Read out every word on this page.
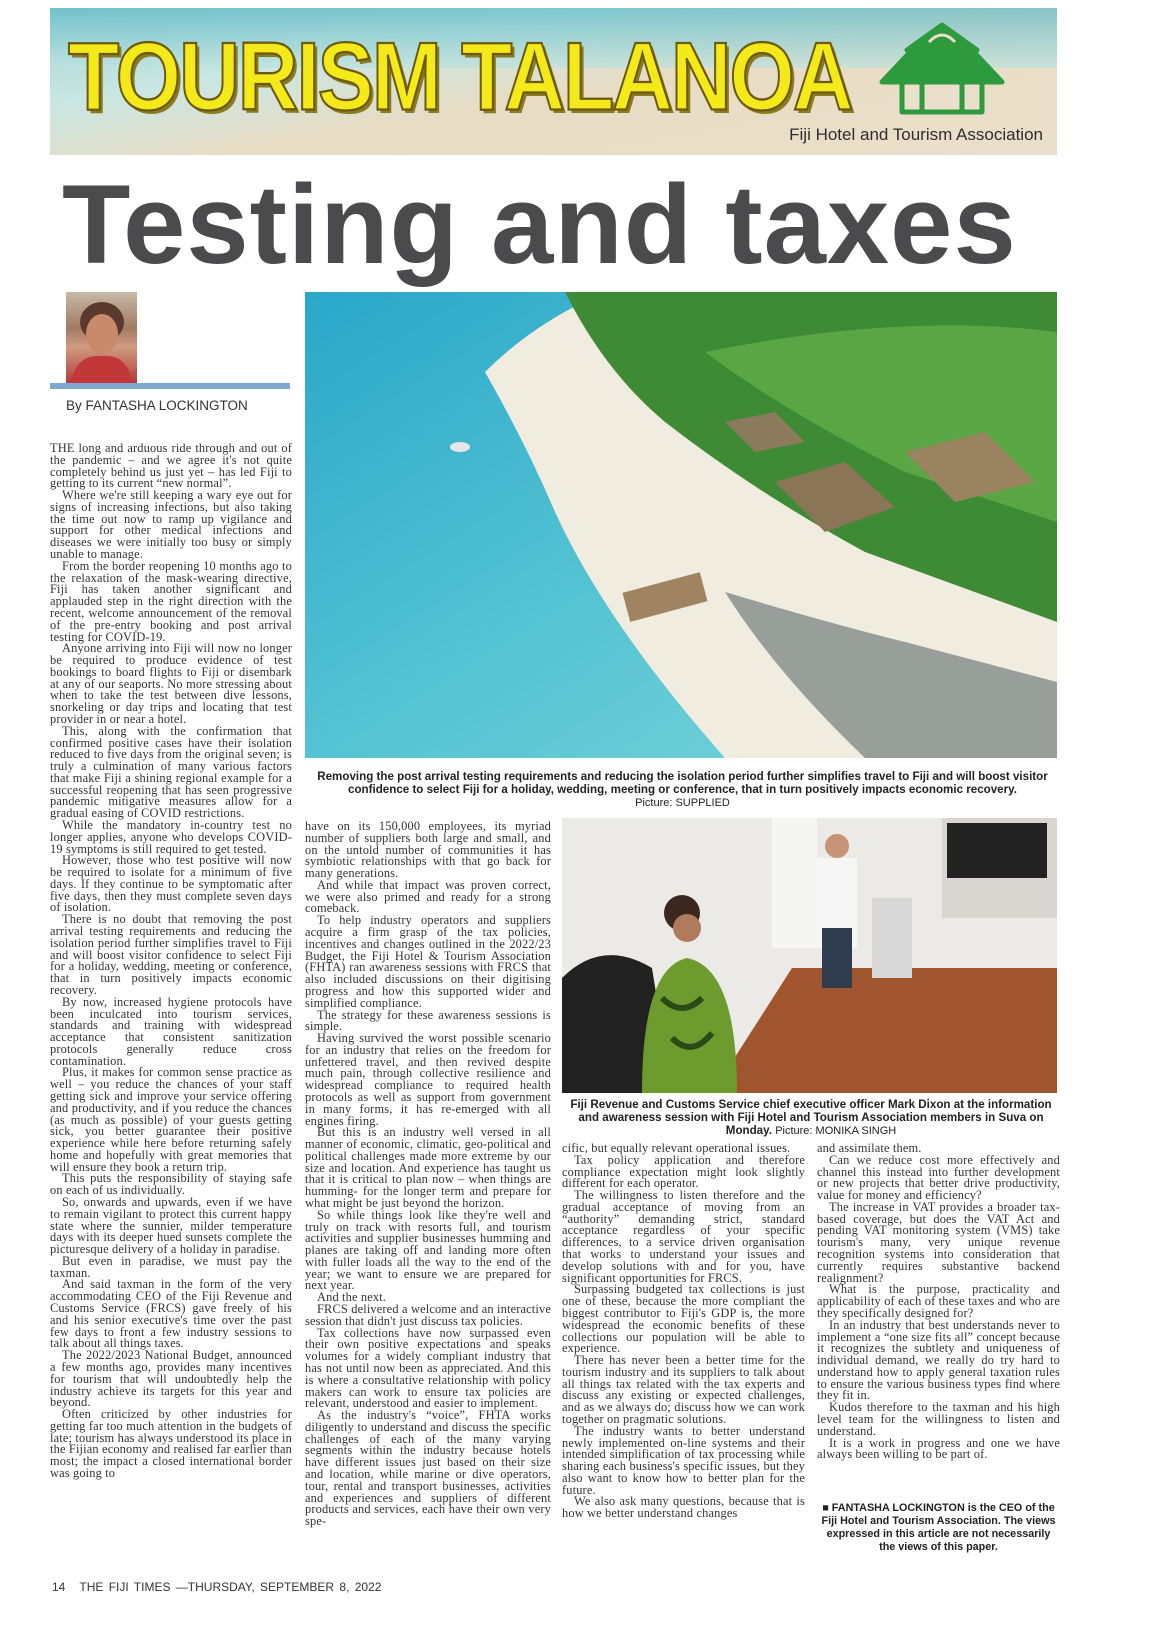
TOURISM TALANOA
Fiji Hotel and Tourism Association
Testing and taxes
By FANTASHA LOCKINGTON

THE long and arduous ride through and out of the pandemic – and we agree it's not quite completely behind us just yet – has led Fiji to getting to its current “new normal”.

Where we're still keeping a wary eye out for signs of increasing infections, but also taking the time out now to ramp up vigilance and support for other medical infections and diseases we were initially too busy or simply unable to manage.

From the border reopening 10 months ago to the relaxation of the mask-wearing directive, Fiji has taken another significant and applauded step in the right direction with the recent, welcome announcement of the removal of the pre-entry booking and post arrival testing for COVID-19.

Anyone arriving into Fiji will now no longer be required to produce evidence of test bookings to board flights to Fiji or disembark at any of our seaports. No more stressing about when to take the test between dive lessons, snorkeling or day trips and locating that test provider in or near a hotel.

This, along with the confirmation that confirmed positive cases have their isolation reduced to five days from the original seven; is truly a culmination of many various factors that make Fiji a shining regional example for a successful reopening that has seen progressive pandemic mitigative measures allow for a gradual easing of COVID restrictions.

While the mandatory in-country test no longer applies, anyone who develops COVID-19 symptoms is still required to get tested.

However, those who test positive will now be required to isolate for a minimum of five days. If they continue to be symptomatic after five days, then they must complete seven days of isolation.

There is no doubt that removing the post arrival testing requirements and reducing the isolation period further simplifies travel to Fiji and will boost visitor confidence to select Fiji for a holiday, wedding, meeting or conference, that in turn positively impacts economic recovery.

By now, increased hygiene protocols have been inculcated into tourism services, standards and training with widespread acceptance that consistent sanitization protocols generally reduce cross contamination.

Plus, it makes for common sense practice as well – you reduce the chances of your staff getting sick and improve your service offering and productivity, and if you reduce the chances (as much as possible) of your guests getting sick, you better guarantee their positive experience while here before returning safely home and hopefully with great memories that will ensure they book a return trip.

This puts the responsibility of staying safe on each of us individually.

So, onwards and upwards, even if we have to remain vigilant to protect this current happy state where the sunnier, milder temperature days with its deeper hued sunsets complete the picturesque delivery of a holiday in paradise.

But even in paradise, we must pay the taxman.

And said taxman in the form of the very accommodating CEO of the Fiji Revenue and Customs Service (FRCS) gave freely of his and his senior executive's time over the past few days to front a few industry sessions to talk about all things taxes.

The 2022/2023 National Budget, announced a few months ago, provides many incentives for tourism that will undoubtedly help the industry achieve its targets for this year and beyond.

Often criticized by other industries for getting far too much attention in the budgets of late; tourism has always understood its place in the Fijian economy and realised far earlier than most; the impact a closed international border was going to

have on its 150,000 employees, its myriad number of suppliers both large and small, and on the untold number of communities it has symbiotic relationships with that go back for many generations.

And while that impact was proven correct, we were also primed and ready for a strong comeback.

To help industry operators and suppliers acquire a firm grasp of the tax policies, incentives and changes outlined in the 2022/23 Budget, the Fiji Hotel & Tourism Association (FHTA) ran awareness sessions with FRCS that also included discussions on their digitising progress and how this supported wider and simplified compliance.

The strategy for these awareness sessions is simple.

Having survived the worst possible scenario for an industry that relies on the freedom for unfettered travel, and then revived despite much pain, through collective resilience and widespread compliance to required health protocols as well as support from government in many forms, it has re-emerged with all engines firing.

But this is an industry well versed in all manner of economic, climatic, geo-political and political challenges made more extreme by our size and location. And experience has taught us that it is critical to plan now – when things are humming- for the longer term and prepare for what might be just beyond the horizon.

So while things look like they're well and truly on track with resorts full, and tourism activities and supplier businesses humming and planes are taking off and landing more often with fuller loads all the way to the end of the year; we want to ensure we are prepared for next year.

And the next.

FRCS delivered a welcome and an interactive session that didn't just discuss tax policies.

Tax collections have now surpassed even their own positive expectations and speaks volumes for a widely compliant industry that has not until now been as appreciated. And this is where a consultative relationship with policy makers can work to ensure tax policies are relevant, understood and easier to implement.

As the industry's “voice”, FHTA works diligently to understand and discuss the specific challenges of each of the many varying segments within the industry because hotels have different issues just based on their size and location, while marine or dive operators, tour, rental and transport businesses, activities and experiences and suppliers of different products and services, each have their own very spe-

cific, but equally relevant operational issues.

Tax policy application and therefore compliance expectation might look slightly different for each operator.

The willingness to listen therefore and the gradual acceptance of moving from an “authority” demanding strict, standard acceptance regardless of your specific differences, to a service driven organisation that works to understand your issues and develop solutions with and for you, have significant opportunities for FRCS.

Surpassing budgeted tax collections is just one of these, because the more compliant the biggest contributor to Fiji's GDP is, the more widespread the economic benefits of these collections our population will be able to experience.

There has never been a better time for the tourism industry and its suppliers to talk about all things tax related with the tax experts and discuss any existing or expected challenges, and as we always do; discuss how we can work together on pragmatic solutions.

The industry wants to better understand newly implemented on-line systems and their intended simplification of tax processing while sharing each business's specific issues, but they also want to know how to better plan for the future.

We also ask many questions, because that is how we better understand changes

and assimilate them.

Can we reduce cost more effectively and channel this instead into further development or new projects that better drive productivity, value for money and efficiency?

The increase in VAT provides a broader tax-based coverage, but does the VAT Act and pending VAT monitoring system (VMS) take tourism's many, very unique revenue recognition systems into consideration that currently requires substantive backend realignment?

What is the purpose, practicality and applicability of each of these taxes and who are they specifically designed for?

In an industry that best understands never to implement a “one size fits all” concept because it recognizes the subtlety and uniqueness of individual demand, we really do try hard to understand how to apply general taxation rules to ensure the various business types find where they fit in.

Kudos therefore to the taxman and his high level team for the willingness to listen and understand.

It is a work in progress and one we have always been willing to be part of.

Removing the post arrival testing requirements and reducing the isolation period further simplifies travel to Fiji and will boost visitor confidence to select Fiji for a holiday, wedding, meeting or conference, that in turn positively impacts economic recovery.
Picture: SUPPLIED
Fiji Revenue and Customs Service chief executive officer Mark Dixon at the information and awareness session with Fiji Hotel and Tourism Association members in Suva on Monday. Picture: MONIKA SINGH
■ FANTASHA LOCKINGTON is the CEO of the Fiji Hotel and Tourism Association. The views expressed in this article are not necessarily the views of this paper.
14 THE FIJI TIMES —THURSDAY, SEPTEMBER 8, 2022
